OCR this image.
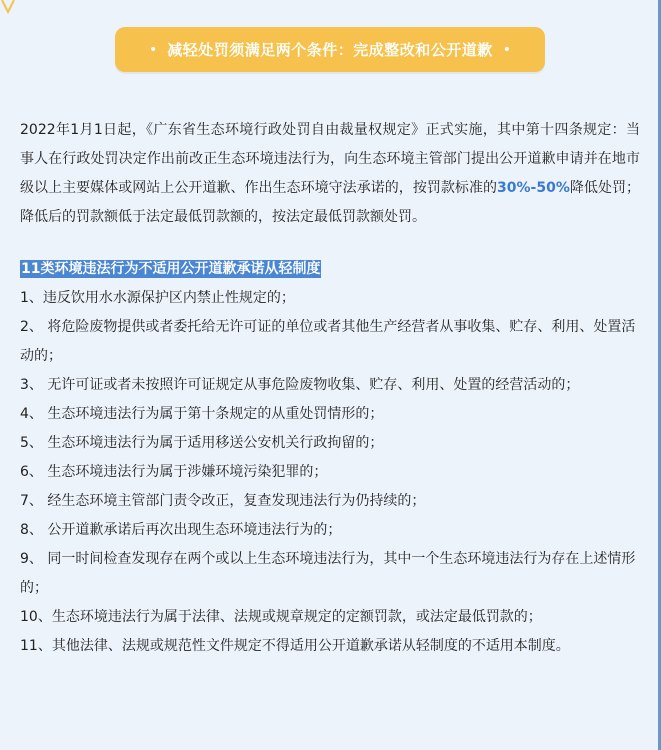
• 减轻处罚须满足两个条件：完成整改和公开道歉 •

2022年1月1日起，《广东省生态环境行政处罚自由裁量权规定》正式实施，其中第十四条规定：当事人在行政处罚决定作出前改正生态环境违法行为，向生态环境主管部门提出公开道歉申请并在地市级以上主要媒体或网站上公开道歉、作出生态环境守法承诺的，按罚款标准的30%-50%降低处罚；降低后的罚款额低于法定最低罚款额的，按法定最低罚款额处罚。

11类环境违法行为不适用公开道歉承诺从轻制度

1、违反饮用水水源保护区内禁止性规定的；

2、 将危险废物提供或者委托给无许可证的单位或者其他生产经营者从事收集、贮存、利用、处置活动的；

3、 无许可证或者未按照许可证规定从事危险废物收集、贮存、利用、处置的经营活动的；

4、 生态环境违法行为属于第十条规定的从重处罚情形的；

5、 生态环境违法行为属于适用移送公安机关行政拘留的；

6、 生态环境违法行为属于涉嫌环境污染犯罪的；

7、 经生态环境主管部门责令改正，复查发现违法行为仍持续的；

8、 公开道歉承诺后再次出现生态环境违法行为的；

9、 同一时间检查发现存在两个或以上生态环境违法行为，其中一个生态环境违法行为存在上述情形的；

10、生态环境违法行为属于法律、法规或规章规定的定额罚款，或法定最低罚款的；

11、其他法律、法规或规范性文件规定不得适用公开道歉承诺从轻制度的不适用本制度。
